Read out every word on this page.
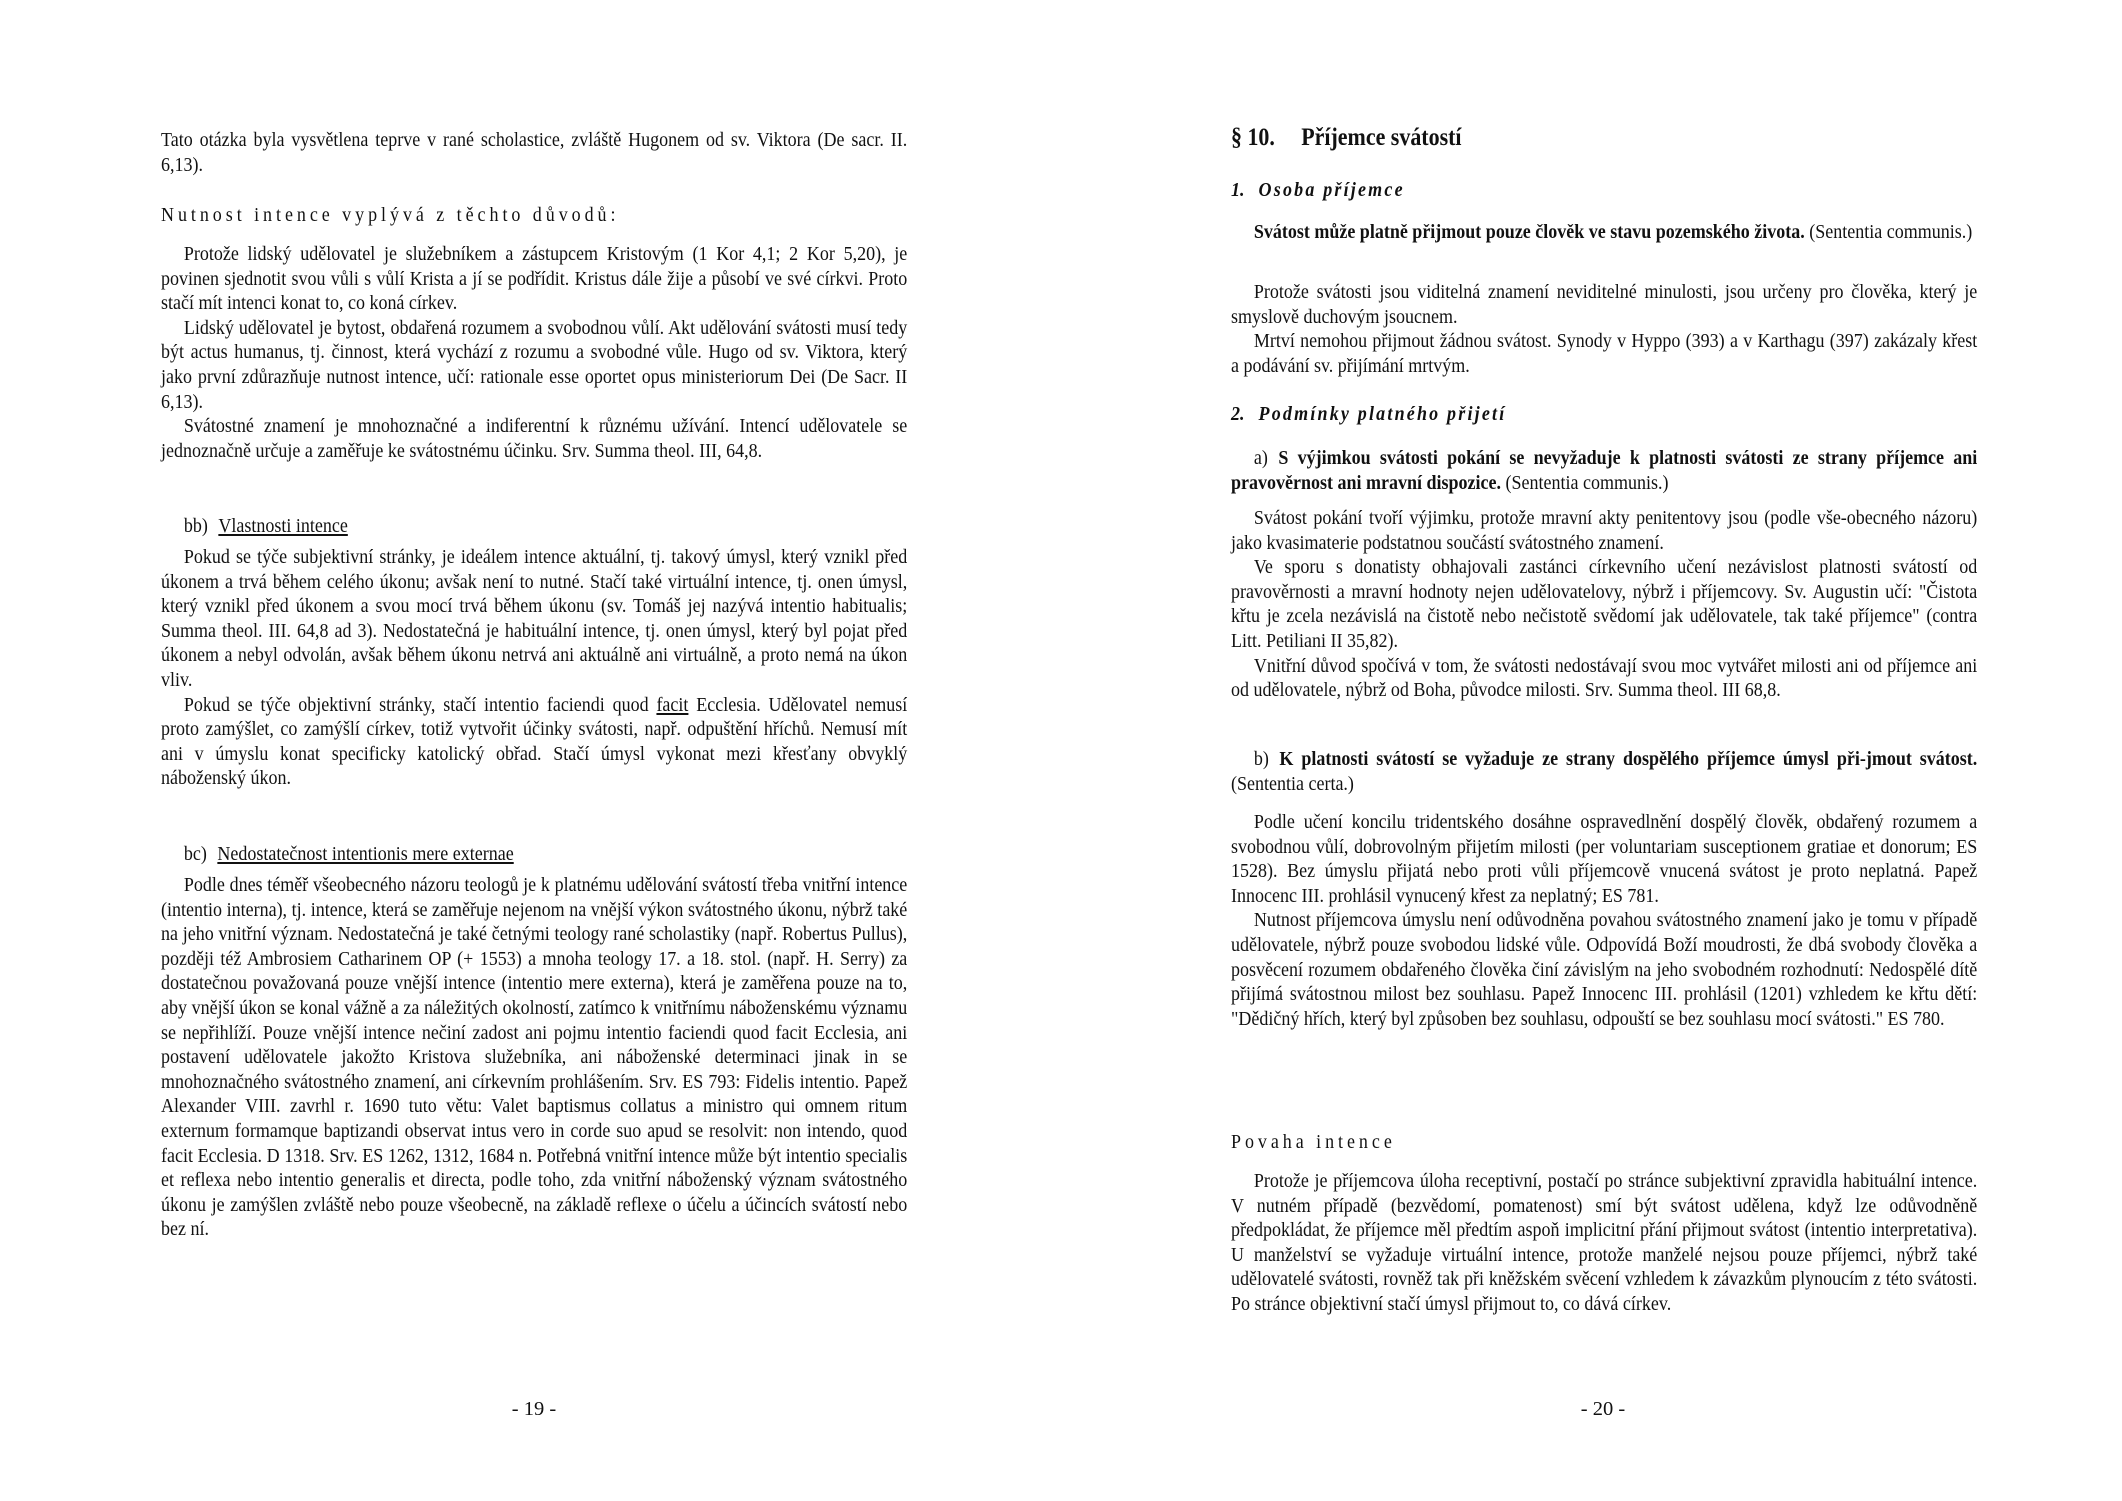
Tato otázka byla vysvětlena teprve v rané scholastice, zvláště Hugonem od sv. Viktora (De sacr. II. 6,13).

Nutnost intence vyplývá z těchto důvodů:

Protože lidský udělovatel je služebníkem a zástupcem Kristovým (1 Kor 4,1; 2 Kor 5,20), je povinen sjednotit svou vůli s vůlí Krista a jí se podřídit. Kristus dále žije a působí ve své církvi. Proto stačí mít intenci konat to, co koná církev.

Lidský udělovatel je bytost, obdařená rozumem a svobodnou vůlí. Akt udělování svátosti musí tedy být actus humanus, tj. činnost, která vychází z rozumu a svobodné vůle. Hugo od sv. Viktora, který jako první zdůrazňuje nutnost intence, učí: rationale esse oportet opus ministeriorum Dei (De Sacr. II 6,13).

Svátostné znamení je mnohoznačné a indiferentní k různému užívání. Intencí udělovatele se jednoznačně určuje a zaměřuje ke svátostnému účinku. Srv. Summa theol. III, 64,8.

bb) Vlastnosti intence

Pokud se týče subjektivní stránky, je ideálem intence aktuální, tj. takový úmysl, který vznikl před úkonem a trvá během celého úkonu; avšak není to nutné. Stačí také virtuální intence, tj. onen úmysl, který vznikl před úkonem a svou mocí trvá během úkonu (sv. Tomáš jej nazývá intentio habitualis; Summa theol. III. 64,8 ad 3). Nedostatečná je habituální intence, tj. onen úmysl, který byl pojat před úkonem a nebyl odvolán, avšak během úkonu netrvá ani aktuálně ani virtuálně, a proto nemá na úkon vliv.

Pokud se týče objektivní stránky, stačí intentio faciendi quod facit Ecclesia. Udělovatel nemusí proto zamýšlet, co zamýšlí církev, totiž vytvořit účinky svátosti, např. odpuštění hříchů. Nemusí mít ani v úmyslu konat specificky katolický obřad. Stačí úmysl vykonat mezi křesťany obvyklý náboženský úkon.

bc) Nedostatečnost intentionis mere externae

Podle dnes téměř všeobecného názoru teologů je k platnému udělování svátostí třeba vnitřní intence (intentio interna), tj. intence, která se zaměřuje nejenom na vnější výkon svátostného úkonu, nýbrž také na jeho vnitřní význam. Nedostatečná je také četnými teology rané scholastiky (např. Robertus Pullus), později též Ambrosiem Catharinem OP (+ 1553) a mnoha teology 17. a 18. stol. (např. H. Serry) za dostatečnou považovaná pouze vnější intence (intentio mere externa), která je zaměřena pouze na to, aby vnější úkon se konal vážně a za náležitých okolností, zatímco k vnitřnímu náboženskému významu se nepřihlíží. Pouze vnější intence nečiní zadost ani pojmu intentio faciendi quod facit Ecclesia, ani postavení udělovatele jakožto Kristova služebníka, ani náboženské determinaci jinak in se mnohoznačného svátostného znamení, ani církevním prohlášením. Srv. ES 793: Fidelis intentio. Papež Alexander VIII. zavrhl r. 1690 tuto větu: Valet baptismus collatus a ministro qui omnem ritum externum formamque baptizandi observat intus vero in corde suo apud se resolvit: non intendo, quod facit Ecclesia. D 1318. Srv. ES 1262, 1312, 1684 n. Potřebná vnitřní intence může být intentio specialis et reflexa nebo intentio generalis et directa, podle toho, zda vnitřní náboženský význam svátostného úkonu je zamýšlen zvláště nebo pouze všeobecně, na základě reflexe o účelu a účincích svátostí nebo bez ní.

- 19 -
§ 10. Příjemce svátostí
1. Osoba příjemce

Svátost může platně přijmout pouze člověk ve stavu pozemského života. (Sententia communis.)

Protože svátosti jsou viditelná znamení neviditelné minulosti, jsou určeny pro člověka, který je smyslově duchovým jsoucnem.

Mrtví nemohou přijmout žádnou svátost. Synody v Hyppo (393) a v Karthagu (397) zakázaly křest a podávání sv. přijímání mrtvým.

2. Podmínky platného přijetí

a) S výjimkou svátosti pokání se nevyžaduje k platnosti svátosti ze strany příjemce ani pravověrnost ani mravní dispozice. (Sententia communis.)

Svátost pokání tvoří výjimku, protože mravní akty penitentovy jsou (podle vše-obecného názoru) jako kvasimaterie podstatnou součástí svátostného znamení.

Ve sporu s donatisty obhajovali zastánci církevního učení nezávislost platnosti svátostí od pravověrnosti a mravní hodnoty nejen udělovatelovy, nýbrž i příjemcovy. Sv. Augustin učí: "Čistota křtu je zcela nezávislá na čistotě nebo nečistotě svědomí jak udělovatele, tak také příjemce" (contra Litt. Petiliani II 35,82).

Vnitřní důvod spočívá v tom, že svátosti nedostávají svou moc vytvářet milosti ani od příjemce ani od udělovatele, nýbrž od Boha, původce milosti. Srv. Summa theol. III 68,8.

b) K platnosti svátostí se vyžaduje ze strany dospělého příjemce úmysl při-jmout svátost. (Sententia certa.)

Podle učení koncilu tridentského dosáhne ospravedlnění dospělý člověk, obdařený rozumem a svobodnou vůlí, dobrovolným přijetím milosti (per voluntariam susceptionem gratiae et donorum; ES 1528). Bez úmyslu přijatá nebo proti vůli příjemcově vnucená svátost je proto neplatná. Papež Innocenc III. prohlásil vynucený křest za neplatný; ES 781.

Nutnost příjemcova úmyslu není odůvodněna povahou svátostného znamení jako je tomu v případě udělovatele, nýbrž pouze svobodou lidské vůle. Odpovídá Boží moudrosti, že dbá svobody člověka a posvěcení rozumem obdařeného člověka činí závislým na jeho svobodném rozhodnutí: Nedospělé dítě přijímá svátostnou milost bez souhlasu. Papež Innocenc III. prohlásil (1201) vzhledem ke křtu dětí: "Dědičný hřích, který byl způsoben bez souhlasu, odpouští se bez souhlasu mocí svátosti." ES 780.

Povaha intence

Protože je příjemcova úloha receptivní, postačí po stránce subjektivní zpravidla habituální intence. V nutném případě (bezvědomí, pomatenost) smí být svátost udělena, když lze odůvodněně předpokládat, že příjemce měl předtím aspoň implicitní přání přijmout svátost (intentio interpretativa). U manželství se vyžaduje virtuální intence, protože manželé nejsou pouze příjemci, nýbrž také udělovatelé svátosti, rovněž tak při kněžském svěcení vzhledem k závazkům plynoucím z této svátosti. Po stránce objektivní stačí úmysl přijmout to, co dává církev.

- 20 -
